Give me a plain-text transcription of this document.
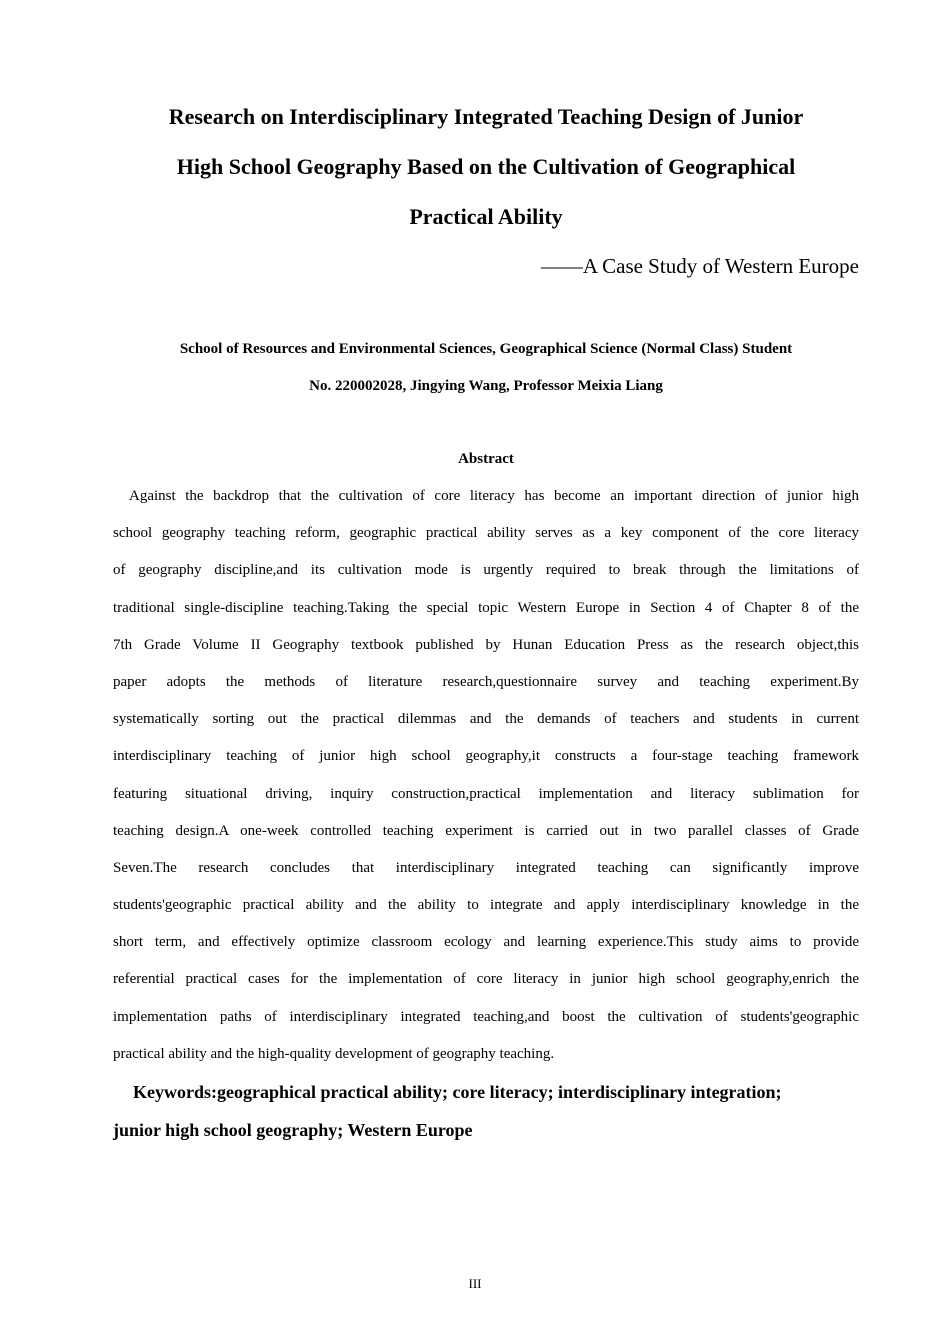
Research on Interdisciplinary Integrated Teaching Design of Junior
High School Geography Based on the Cultivation of Geographical
Practical Ability
——A Case Study of Western Europe
School of Resources and Environmental Sciences, Geographical Science (Normal Class) Student
No. 220002028, Jingying Wang, Professor Meixia Liang
Abstract
Against the backdrop that the cultivation of core literacy has become an important direction of junior high
school geography teaching reform, geographic practical ability serves as a key component of the core literacy
of geography discipline,and its cultivation mode is urgently required to break through the limitations of
traditional single-discipline teaching.Taking the special topic Western Europe in Section 4 of Chapter 8 of the
7th Grade Volume II Geography textbook published by Hunan Education Press as the research object,this
paper adopts the methods of literature research,questionnaire survey and teaching experiment.By
systematically sorting out the practical dilemmas and the demands of teachers and students in current
interdisciplinary teaching of junior high school geography,it constructs a four-stage teaching framework
featuring situational driving, inquiry construction,practical implementation and literacy sublimation for
teaching design.A one-week controlled teaching experiment is carried out in two parallel classes of Grade
Seven.The research concludes that interdisciplinary integrated teaching can significantly improve
students'geographic practical ability and the ability to integrate and apply interdisciplinary knowledge in the
short term, and effectively optimize classroom ecology and learning experience.This study aims to provide
referential practical cases for the implementation of core literacy in junior high school geography,enrich the
implementation paths of interdisciplinary integrated teaching,and boost the cultivation of students'geographic
practical ability and the high-quality development of geography teaching.
Keywords:geographical practical ability; core literacy; interdisciplinary integration;
junior high school geography; Western Europe
III
